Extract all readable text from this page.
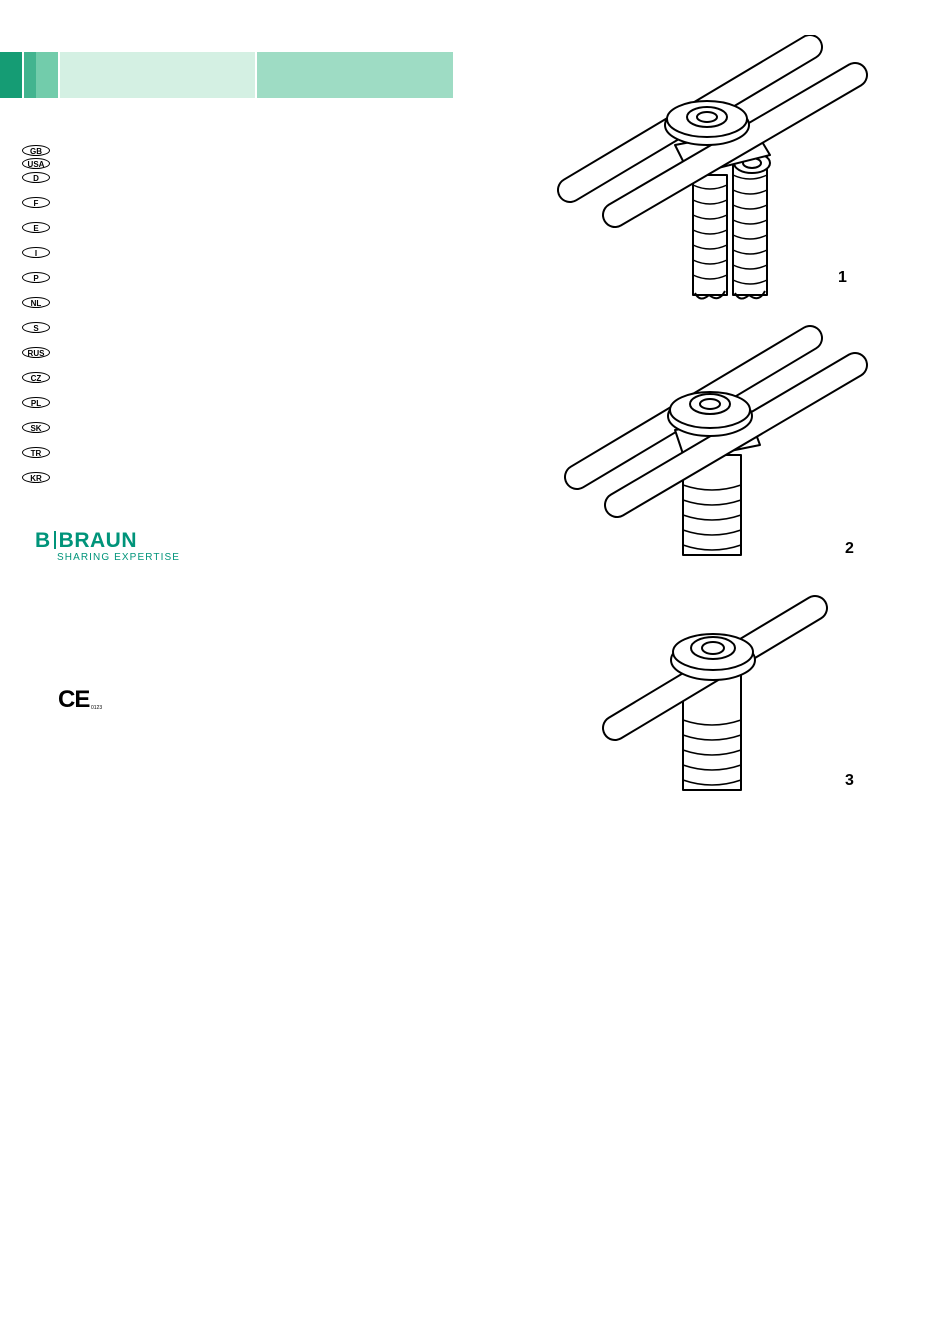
GB
USA
D
F
E
I
P
NL
S
RUS
CZ
PL
SK
TR
KR
B BRAUN
SHARING EXPERTISE
CE 0123
1
2
3
